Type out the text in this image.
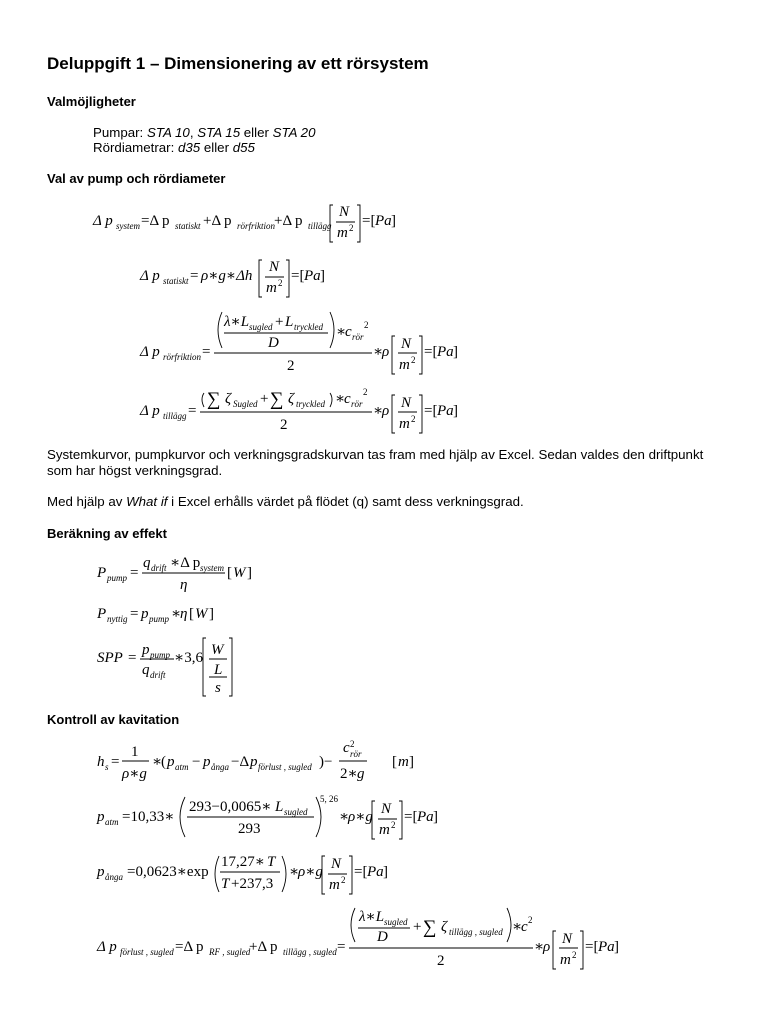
Deluppgift 1 – Dimensionering av ett rörsystem
Valmöjligheter
Pumpar: STA 10, STA 15 eller STA 20
Rördiametrar: d35 eller d55
Val av pump och rördiameter
Δ p system =Δ p statiskt +Δ p rörfriktion
+Δ p tillägg
N
m 2 =[ Pa ]
Δ p statiskt = ρ∗g∗Δh
N
m 2 =[ Pa ]
Δ p rörfriktion =
λ∗L sugled + L tryckled
D
∗
c rör
2
2
∗
ρ N
m 2 =[ Pa ]
Δ p tillägg =
∑ ζ Sugled + ∑ ζ tryckled ∗
c rör
2
2
∗
ρ N
m 2 =[ Pa ]
Systemkurvor, pumpkurvor och verkningsgradskurvan tas fram med hjälp av Excel. Sedan valdes den driftpunkt som har högst verkningsgrad.
Med hjälp av What if i Excel erhålls värdet på flödet (q) samt dess verkningsgrad.
Beräkning av effekt
P pump =
q drift ∗Δ p system
η
[ W ]
P nyttig = p pump ∗
η [ W ]
SPP = p pump
q drift
∗3,6 W
L
s
Kontroll av kavitation
h s =
1
ρ∗g
∗
( p atm − p ånga −Δ p förlust , sugled )−
c 2
rör
2∗ g
[ m ]
p atm =10,33∗
293−0,0065∗ L sugled
293
5, 26
∗
ρ∗g N
m 2 =[ Pa ]
p ånga =0,0623∗exp
17,27∗ T
T +237,3
∗
ρ∗g N
m 2 =[ Pa ]
Δ p förlust , sugled =Δ p RF , sugled
+Δ p tillägg , sugled =
λ∗L sugled
D
+ ∑ ζ tillägg , sugled ∗
c 2
2
∗
ρ N
m 2 =[ Pa ]
